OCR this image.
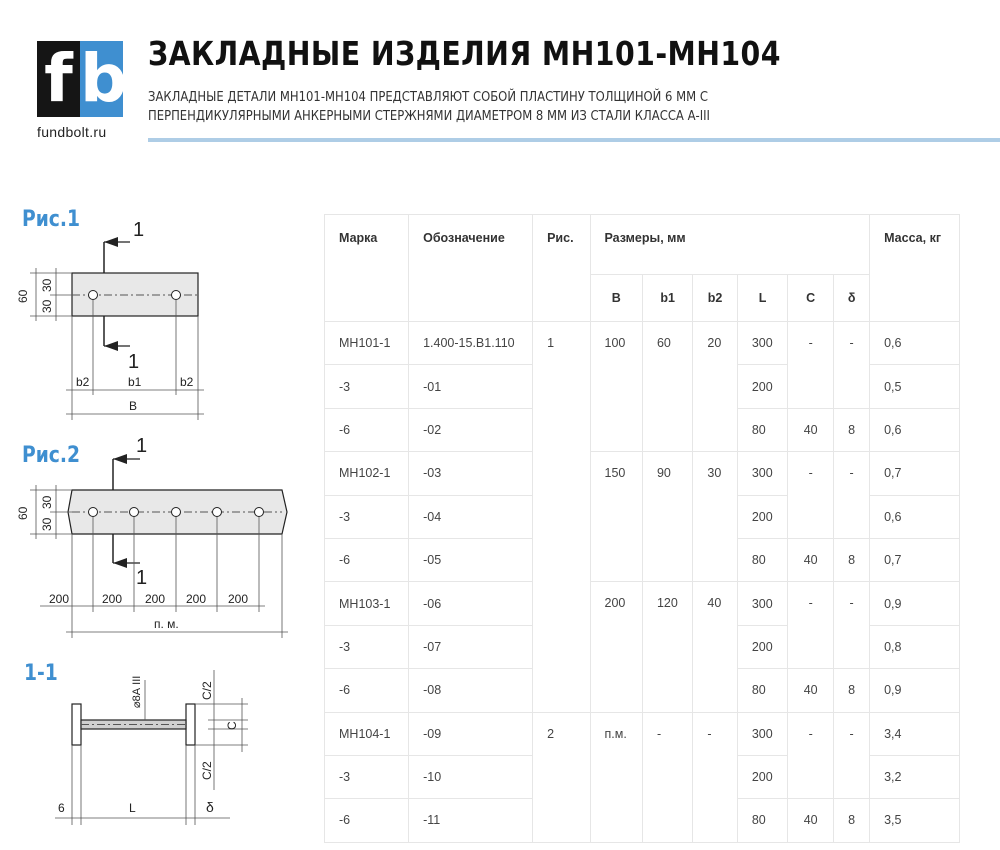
f b
fundbolt.ru
ЗАКЛАДНЫЕ ИЗДЕЛИЯ МН101-МН104
ЗАКЛАДНЫЕ ДЕТАЛИ МН101-МН104 ПРЕДСТАВЛЯЮТ СОБОЙ ПЛАСТИНУ ТОЛЩИНОЙ 6 ММ С ПЕРПЕНДИКУЛЯРНЫМИ АНКЕРНЫМИ СТЕРЖНЯМИ ДИАМЕТРОМ 8 ММ ИЗ СТАЛИ КЛАССА А-III
Рис.1
Рис.2
1-1
1
1
60
30
30
b2	b1	b2
B
1
1
60
30
30
200	200 200 200 200
п. м.
⌀8А III	С/2
С
С/2
6	L	δ
Марка	Обозначение	Рис.	Размеры, мм						Масса, кг
			B	b1	b2	L	C	δ	
МН101-1	1.400-15.В1.110	1	100	60	20	300	-	-	0,6
-3	-01					200			0,5
-6	-02					80	40	8	0,6
МН102-1	-03		150	90	30	300	-	-	0,7
-3	-04					200			0,6
-6	-05					80	40	8	0,7
МН103-1	-06		200	120	40	300	-	-	0,9
-3	-07					200			0,8
-6	-08					80	40	8	0,9
МН104-1	-09	2	п.м.	-	-	300	-	-	3,4
-3	-10					200			3,2
-6	-11					80	40	8	3,5
